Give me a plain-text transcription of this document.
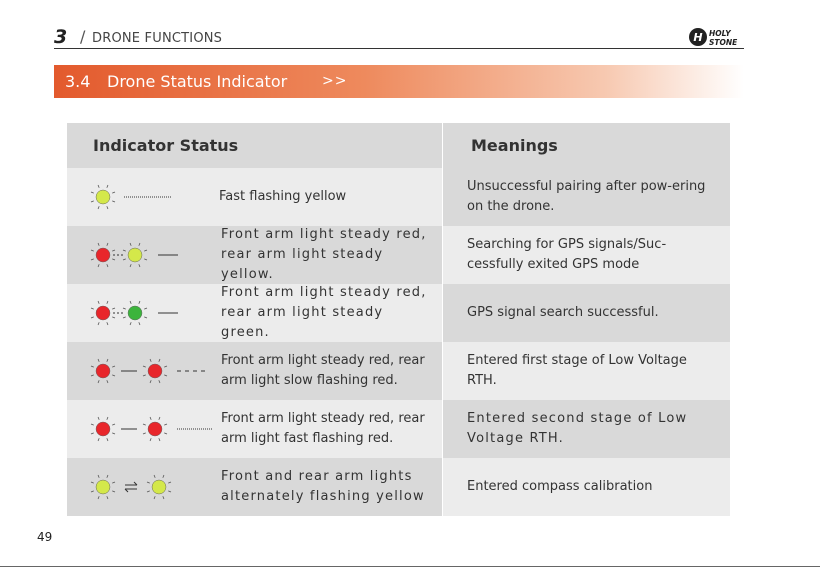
3 / DRONE FUNCTIONS	H HOLY
STONE
3.4 Drone Status Indicator >>
Indicator Status	Meanings
Fast flashing yellow
Unsuccessful pairing after pow-ering on the drone.
Front arm light steady red, rear arm light steady yellow.
Searching for GPS signals/Suc-cessfully exited GPS mode
Front arm light steady red, rear arm light steady green.
GPS signal search successful.
Front arm light steady red, rear arm light slow flashing red.
Entered first stage of Low Voltage RTH.
Front arm light steady red, rear arm light fast flashing red.
Entered second stage of Low Voltage RTH.
Front and rear arm lights alternately flashing yellow
Entered compass calibration
49
